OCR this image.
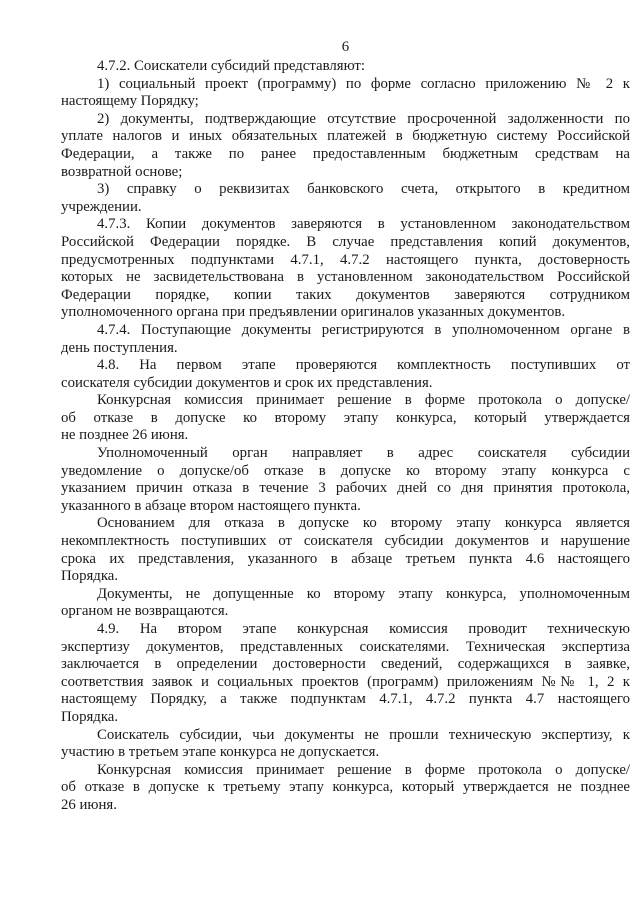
6
4.7.2. Соискатели субсидий представляют:
1) социальный проект (программу) по форме согласно приложению № 2 к
настоящему Порядку;
2) документы, подтверждающие отсутствие просроченной задолженности по
уплате налогов и иных обязательных платежей в бюджетную систему Российской
Федерации, а также по ранее предоставленным бюджетным средствам на
возвратной основе;
3) справку о реквизитах банковского счета, открытого в кредитном
учреждении.
4.7.3. Копии документов заверяются в установленном законодательством
Российской Федерации порядке. В случае представления копий документов,
предусмотренных подпунктами 4.7.1, 4.7.2 настоящего пункта, достоверность
которых не засвидетельствована в установленном законодательством Российской
Федерации порядке, копии таких документов заверяются сотрудником
уполномоченного органа при предъявлении оригиналов указанных документов.
4.7.4. Поступающие документы регистрируются в уполномоченном органе в
день поступления.
4.8. На первом этапе проверяются комплектность поступивших от
соискателя субсидии документов и срок их представления.
Конкурсная комиссия принимает решение в форме протокола о допуске/
об отказе в допуске ко второму этапу конкурса, который утверждается
не позднее 26 июня.
Уполномоченный орган направляет в адрес соискателя субсидии
уведомление о допуске/об отказе в допуске ко второму этапу конкурса с
указанием причин отказа в течение 3 рабочих дней со дня принятия протокола,
указанного в абзаце втором настоящего пункта.
Основанием для отказа в допуске ко второму этапу конкурса является
некомплектность поступивших от соискателя субсидии документов и нарушение
срока их представления, указанного в абзаце третьем пункта 4.6 настоящего
Порядка.
Документы, не допущенные ко второму этапу конкурса, уполномоченным
органом не возвращаются.
4.9. На втором этапе конкурсная комиссия проводит техническую
экспертизу документов, представленных соискателями. Техническая экспертиза
заключается в определении достоверности сведений, содержащихся в заявке,
соответствия заявок и социальных проектов (программ) приложениям №№ 1, 2 к
настоящему Порядку, а также подпунктам 4.7.1, 4.7.2 пункта 4.7 настоящего
Порядка.
Соискатель субсидии, чьи документы не прошли техническую экспертизу, к
участию в третьем этапе конкурса не допускается.
Конкурсная комиссия принимает решение в форме протокола о допуске/
об отказе в допуске к третьему этапу конкурса, который утверждается не позднее
26 июня.
